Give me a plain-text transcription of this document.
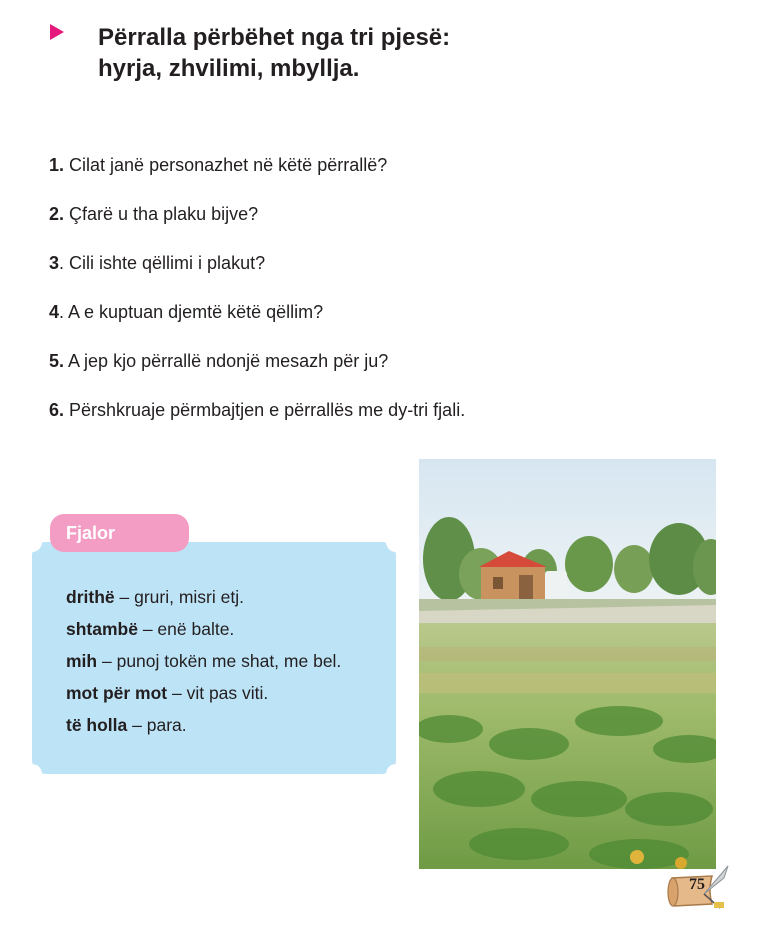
Përralla përbëhet nga tri pjesë:
hyrja, zhvilimi, mbyllja.
1. Cilat janë personazhet në këtë përrallë?
2. Çfarë u tha plaku bijve?
3. Cili ishte qëllimi i plakut?
4. A e kuptuan djemtë këtë qëllim?
5. A jep kjo përrallë ndonjë mesazh për ju?
6. Përshkruaje përmbajtjen e përrallës me dy-tri fjali.
Fjalor
drithë – gruri, misri etj.
shtambë – enë balte.
mih – punoj tokën me shat, me bel.
mot për mot – vit pas viti.
të holla – para.
75
